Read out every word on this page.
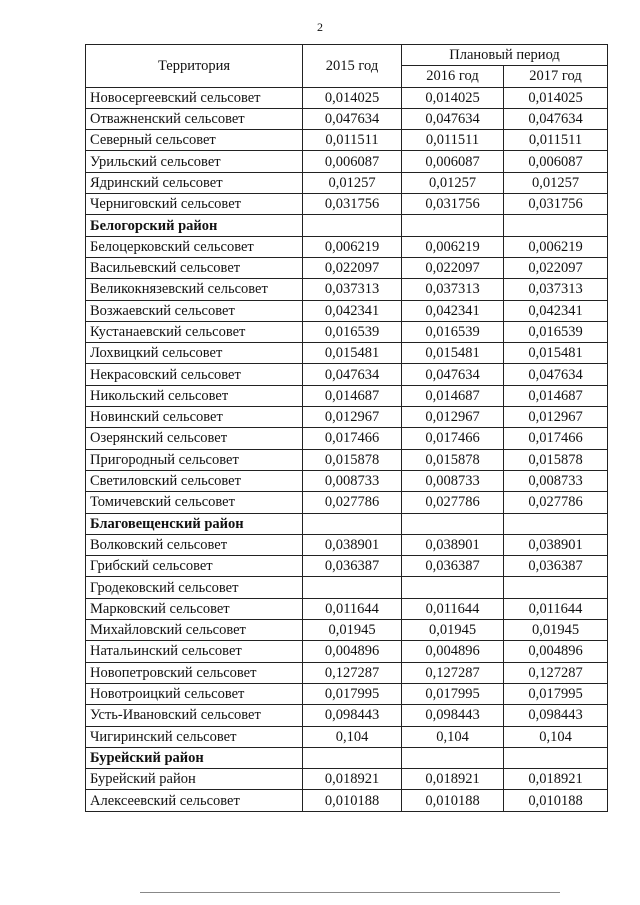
2
Территория	2015 год	Плановый период	
		2016 год	2017 год
Новосергеевский сельсовет	0,014025	0,014025	0,014025
Отважненский сельсовет	0,047634	0,047634	0,047634
Северный сельсовет	0,011511	0,011511	0,011511
Урильский сельсовет	0,006087	0,006087	0,006087
Ядринский сельсовет	0,01257	0,01257	0,01257
Черниговский сельсовет	0,031756	0,031756	0,031756
Белогорский район			
Белоцерковский сельсовет	0,006219	0,006219	0,006219
Васильевский сельсовет	0,022097	0,022097	0,022097
Великокнязевский сельсовет	0,037313	0,037313	0,037313
Возжаевский сельсовет	0,042341	0,042341	0,042341
Кустанаевский сельсовет	0,016539	0,016539	0,016539
Лохвицкий сельсовет	0,015481	0,015481	0,015481
Некрасовский сельсовет	0,047634	0,047634	0,047634
Никольский сельсовет	0,014687	0,014687	0,014687
Новинский сельсовет	0,012967	0,012967	0,012967
Озерянский сельсовет	0,017466	0,017466	0,017466
Пригородный сельсовет	0,015878	0,015878	0,015878
Светиловский сельсовет	0,008733	0,008733	0,008733
Томичевский сельсовет	0,027786	0,027786	0,027786
Благовещенский район			
Волковский сельсовет	0,038901	0,038901	0,038901
Грибский сельсовет	0,036387	0,036387	0,036387
Гродековский сельсовет			
Марковский сельсовет	0,011644	0,011644	0,011644
Михайловский сельсовет	0,01945	0,01945	0,01945
Натальинский сельсовет	0,004896	0,004896	0,004896
Новопетровский сельсовет	0,127287	0,127287	0,127287
Новотроицкий сельсовет	0,017995	0,017995	0,017995
Усть-Ивановский сельсовет	0,098443	0,098443	0,098443
Чигиринский сельсовет	0,104	0,104	0,104
Бурейский район			
Бурейский район	0,018921	0,018921	0,018921
Алексеевский сельсовет	0,010188	0,010188	0,010188
